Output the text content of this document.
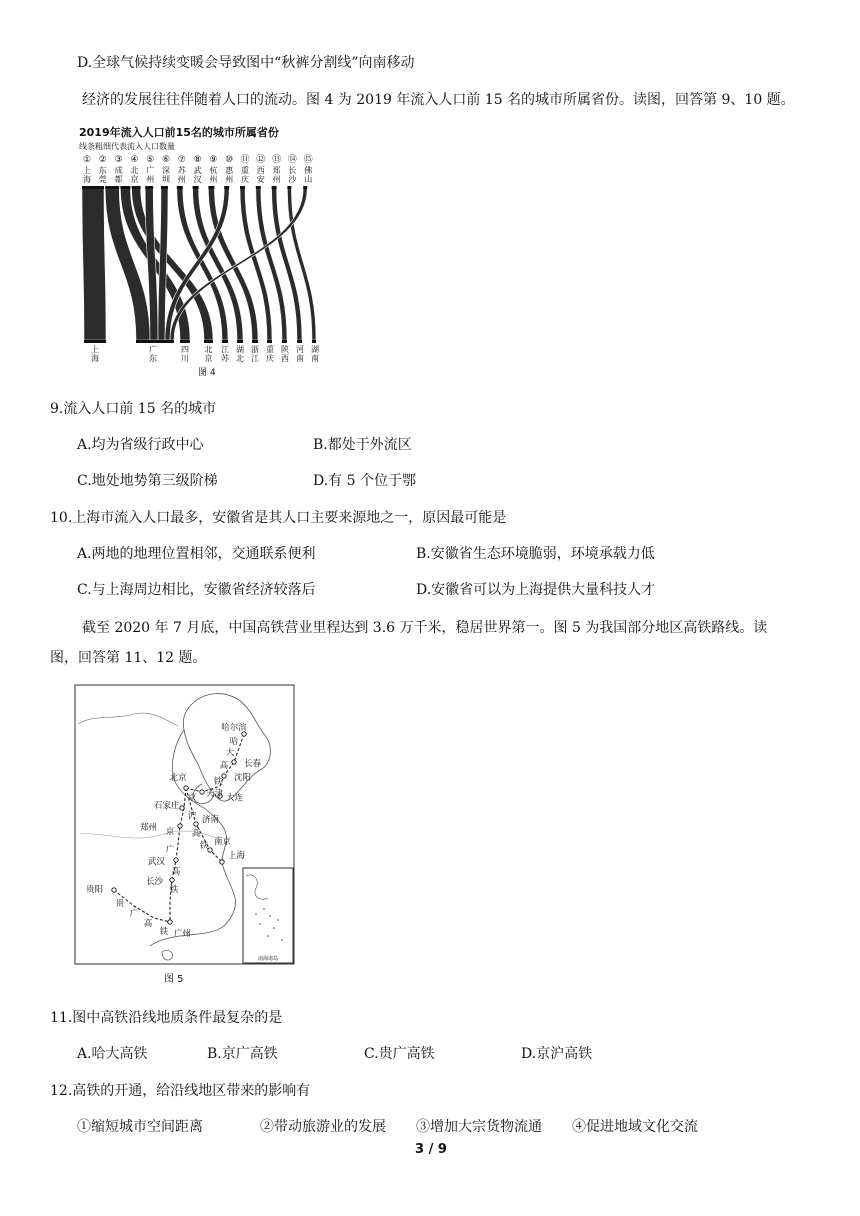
D.全球气候持续变暖会导致图中“秋裤分割线”向南移动
经济的发展往往伴随着人口的流动。图 4 为 2019 年流入人口前 15 名的城市所属省份。读图，回答第 9、10 题。
2019年流入人口前15名的城市所属省份
线条粗细代表流入人口数量
① ② ③ ④ ⑤ ⑥ ⑦ ⑧ ⑨ ⑩ ⑪ ⑫ ⑬ ⑭ ⑮
上
海
东
莞
成
都
北
京
广
州
深
圳
苏
州
武
汉
杭
州
惠
州
重
庆
西
安
郑
州
长
沙
佛
山
上
海
广
东
四
川
北
京
江
苏
湖
北
浙
江
重
庆
陕
西
河
南
湖
南
图 4
9.流入人口前 15 名的城市
A.均为省级行政中心	B.都处于外流区
C.地处地势第三级阶梯	D.有 5 个位于鄂
10.上海市流入人口最多，安徽省是其人口主要来源地之一，原因最可能是
A.两地的地理位置相邻，交通联系便利	B.安徽省生态环境脆弱，环境承载力低
C.与上海周边相比，安徽省经济较落后	D.安徽省可以为上海提供大量科技人才
截至 2020 年 7 月底，中国高铁营业里程达到 3.6 万千米，稳居世界第一。图 5 为我国部分地区高铁路线。读
图，回答第 11、12 题。
哈尔滨
长春
沈阳
大连
北京
天津
济南
石家庄
郑州
南京
上海
武汉
长沙
贵阳
广州
哈
大
高
铁
京
沪
高
铁
京
广
高
铁
贵
广
高
铁
南海诸岛
图 5
11.图中高铁沿线地质条件最复杂的是
A.哈大高铁	B.京广高铁	C.贵广高铁	D.京沪高铁
12.高铁的开通，给沿线地区带来的影响有
①缩短城市空间距离	②带动旅游业的发展 ③增加大宗货物流通 ④促进地域文化交流
3 / 9
